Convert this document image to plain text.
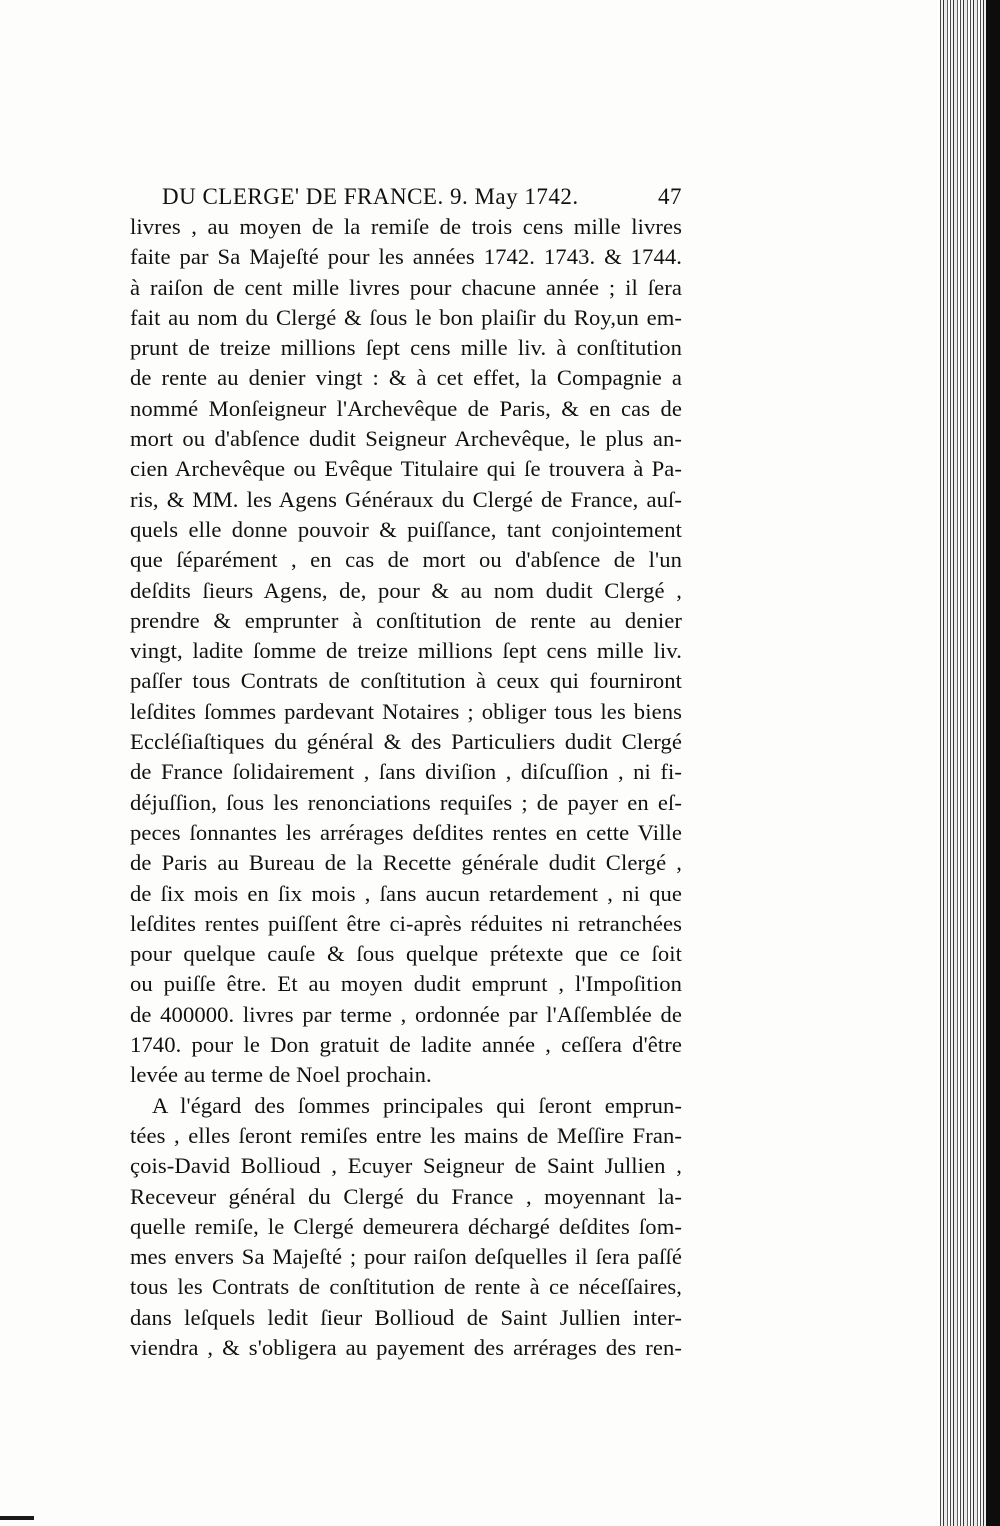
DU CLERGE' DE FRANCE. 9. May 1742.	47
livres , au moyen de la remiſe de trois cens mille livres
faite par Sa Majeſté pour les années 1742. 1743. & 1744.
à raiſon de cent mille livres pour chacune année ; il ſera
fait au nom du Clergé & ſous le bon plaiſir du Roy,un em-
prunt de treize millions ſept cens mille liv. à conſtitution
de rente au denier vingt : & à cet effet, la Compagnie a
nommé Monſeigneur l'Archevêque de Paris, & en cas de
mort ou d'abſence dudit Seigneur Archevêque, le plus an-
cien Archevêque ou Evêque Titulaire qui ſe trouvera à Pa-
ris, & MM. les Agens Généraux du Clergé de France, auſ-
quels elle donne pouvoir & puiſſance, tant conjointement
que ſéparément , en cas de mort ou d'abſence de l'un
deſdits ſieurs Agens, de, pour & au nom dudit Clergé ,
prendre & emprunter à conſtitution de rente au denier
vingt, ladite ſomme de treize millions ſept cens mille liv.
paſſer tous Contrats de conſtitution à ceux qui fourniront
leſdites ſommes pardevant Notaires ; obliger tous les biens
Eccléſiaſtiques du général & des Particuliers dudit Clergé
de France ſolidairement , ſans diviſion , diſcuſſion , ni fi-
déjuſſion, ſous les renonciations requiſes ; de payer en eſ-
peces ſonnantes les arrérages deſdites rentes en cette Ville
de Paris au Bureau de la Recette générale dudit Clergé ,
de ſix mois en ſix mois , ſans aucun retardement , ni que
leſdites rentes puiſſent être ci-après réduites ni retranchées
pour quelque cauſe & ſous quelque prétexte que ce ſoit
ou puiſſe être. Et au moyen dudit emprunt , l'Impoſition
de 400000. livres par terme , ordonnée par l'Aſſemblée de
1740. pour le Don gratuit de ladite année , ceſſera d'être
levée au terme de Noel prochain.
A l'égard des ſommes principales qui ſeront emprun-
tées , elles ſeront remiſes entre les mains de Meſſire Fran-
çois-David Bollioud , Ecuyer Seigneur de Saint Jullien ,
Receveur général du Clergé du France , moyennant la-
quelle remiſe, le Clergé demeurera déchargé deſdites ſom-
mes envers Sa Majeſté ; pour raiſon deſquelles il ſera paſſé
tous les Contrats de conſtitution de rente à ce néceſſaires,
dans leſquels ledit ſieur Bollioud de Saint Jullien inter-
viendra , & s'obligera au payement des arrérages des ren-
